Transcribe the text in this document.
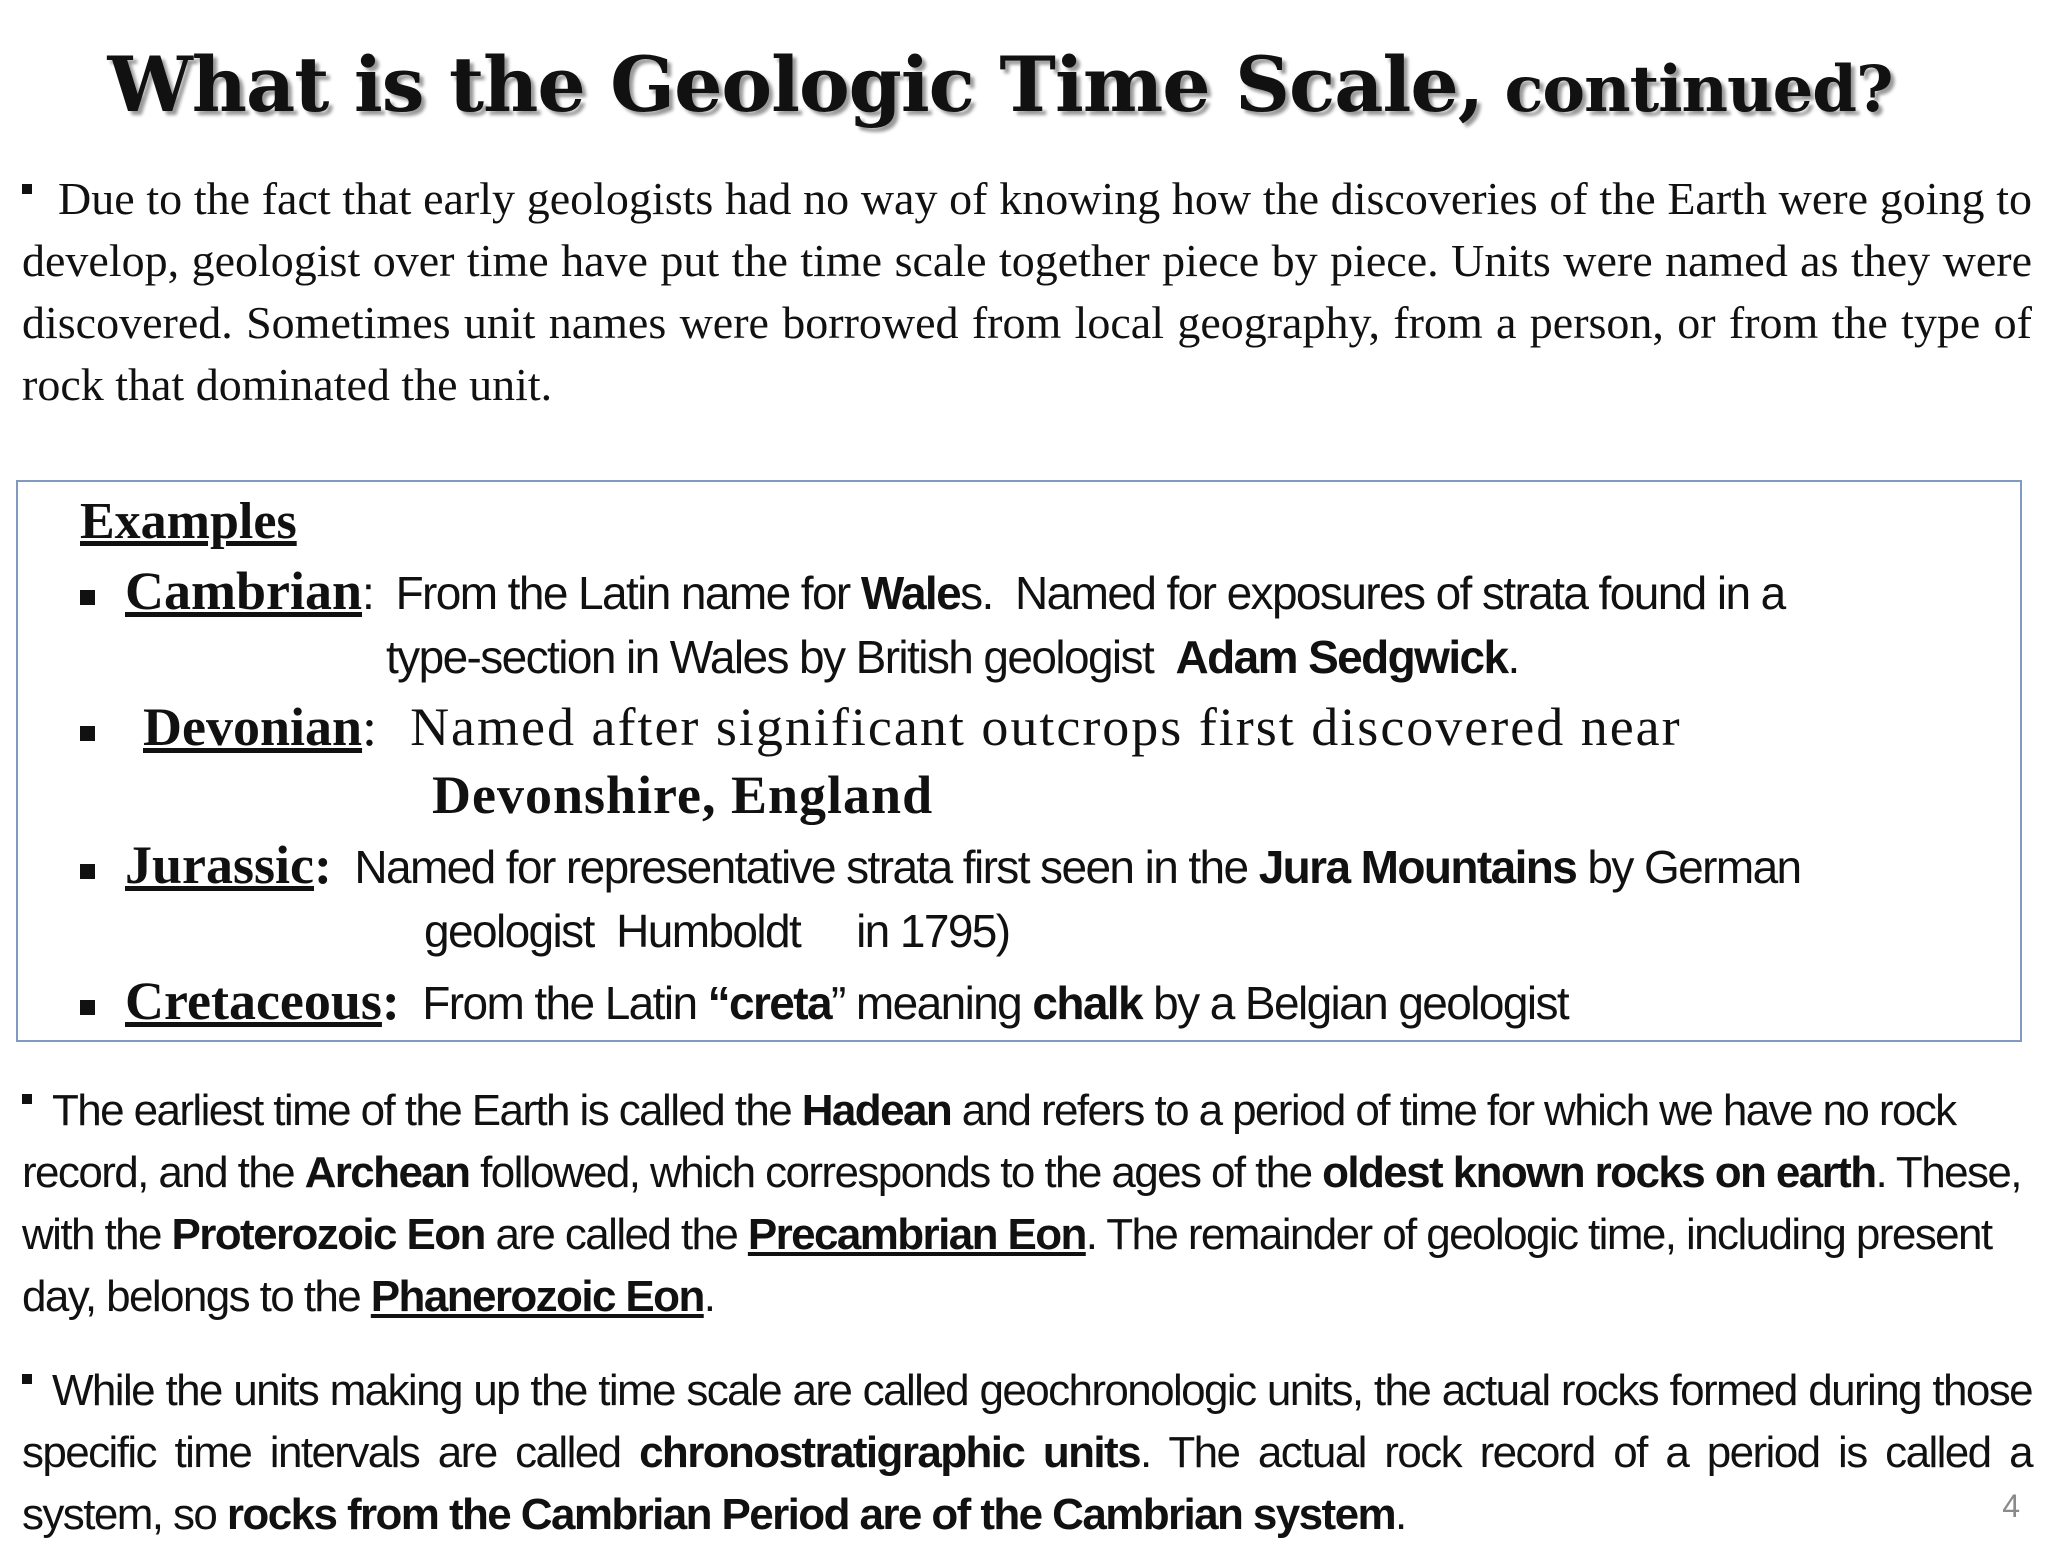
What is the Geologic Time Scale, continued?
Due to the fact that early geologists had no way of knowing how the discoveries of the Earth were going to develop, geologist over time have put the time scale together piece by piece. Units were named as they were discovered. Sometimes unit names were borrowed from local geography, from a person, or from the type of rock that dominated the unit.
Examples
Cambrian:  From the Latin name for Wales.  Named for exposures of strata found in a
type-section in Wales by British geologist  Adam Sedgwick.
Devonian:  Named after significant outcrops first discovered near
Devonshire, England
Jurassic:  Named for representative strata first seen in the Jura Mountains by German
geologist  Humboldt     in 1795)
Cretaceous:  From the Latin “creta” meaning chalk by a Belgian geologist
The earliest time of the Earth is called the Hadean and refers to a period of time for which we have no rock record, and the Archean followed, which corresponds to the ages of the oldest known rocks on earth. These, with the Proterozoic Eon are called the Precambrian Eon. The remainder of geologic time, including present day, belongs to the Phanerozoic Eon.
While the units making up the time scale are called geochronologic units, the actual rocks formed during those specific time intervals are called chronostratigraphic units. The actual rock record of a period is called a system, so rocks from the Cambrian Period are of the Cambrian system.	4
